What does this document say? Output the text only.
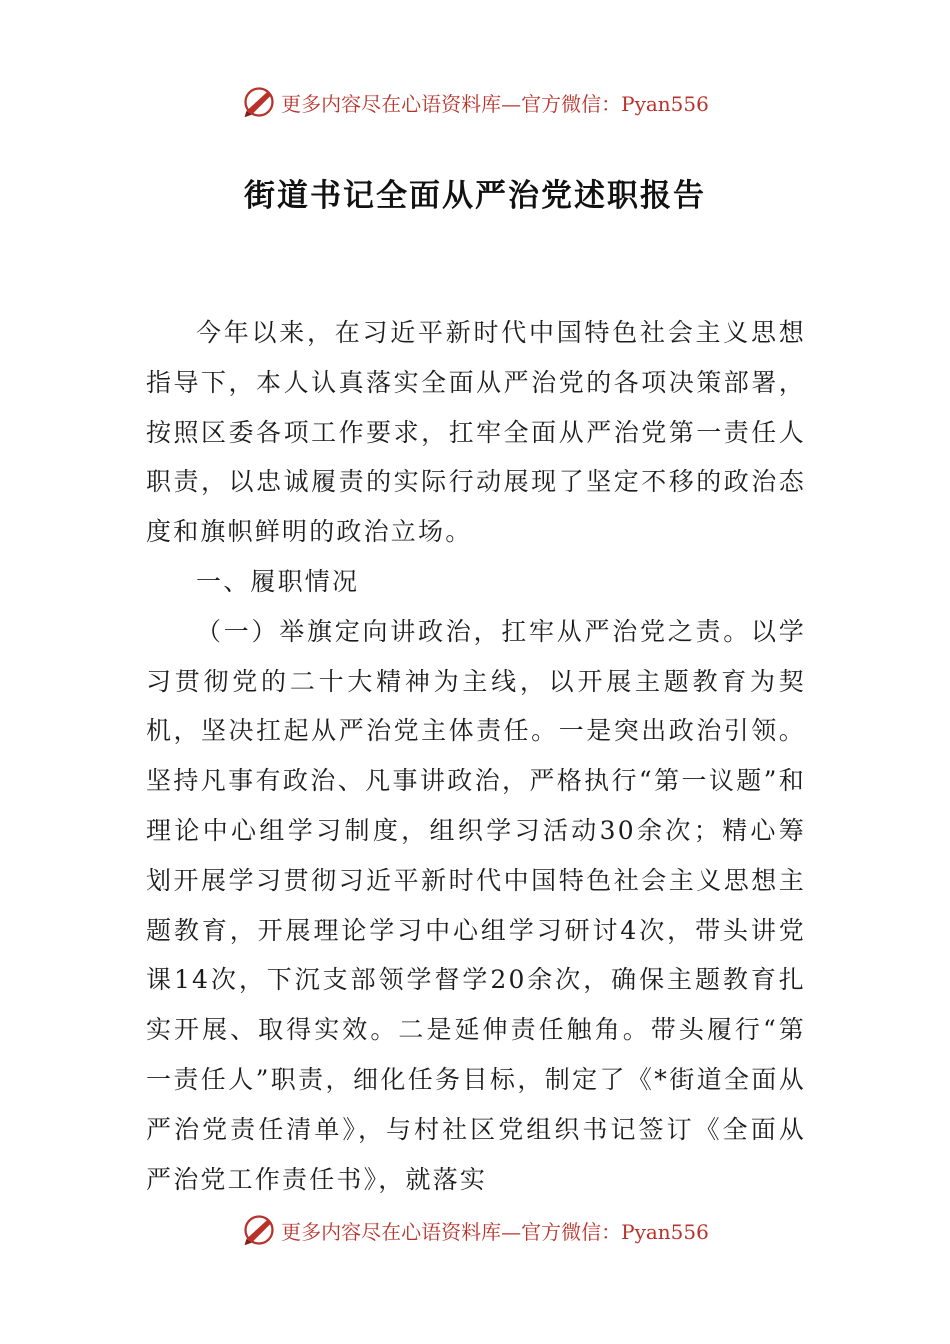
更多内容尽在心语资料库—官方微信：Pyan556
街道书记全面从严治党述职报告

今年以来，在习近平新时代中国特色社会主义思想指导下，本人认真落实全面从严治党的各项决策部署，按照区委各项工作要求，扛牢全面从严治党第一责任人职责，以忠诚履责的实际行动展现了坚定不移的政治态度和旗帜鲜明的政治立场。

一、履职情况

（一）举旗定向讲政治，扛牢从严治党之责。以学习贯彻党的二十大精神为主线，以开展主题教育为契机，坚决扛起从严治党主体责任。一是突出政治引领。坚持凡事有政治、凡事讲政治，严格执行“第一议题”和理论中心组学习制度，组织学习活动30余次；精心筹划开展学习贯彻习近平新时代中国特色社会主义思想主题教育，开展理论学习中心组学习研讨4次，带头讲党课14次，下沉支部领学督学20余次，确保主题教育扎实开展、取得实效。二是延伸责任触角。带头履行“第一责任人”职责，细化任务目标，制定了《*街道全面从严治党责任清单》，与村社区党组织书记签订《全面从严治党工作责任书》，就落实

更多内容尽在心语资料库—官方微信：Pyan556
